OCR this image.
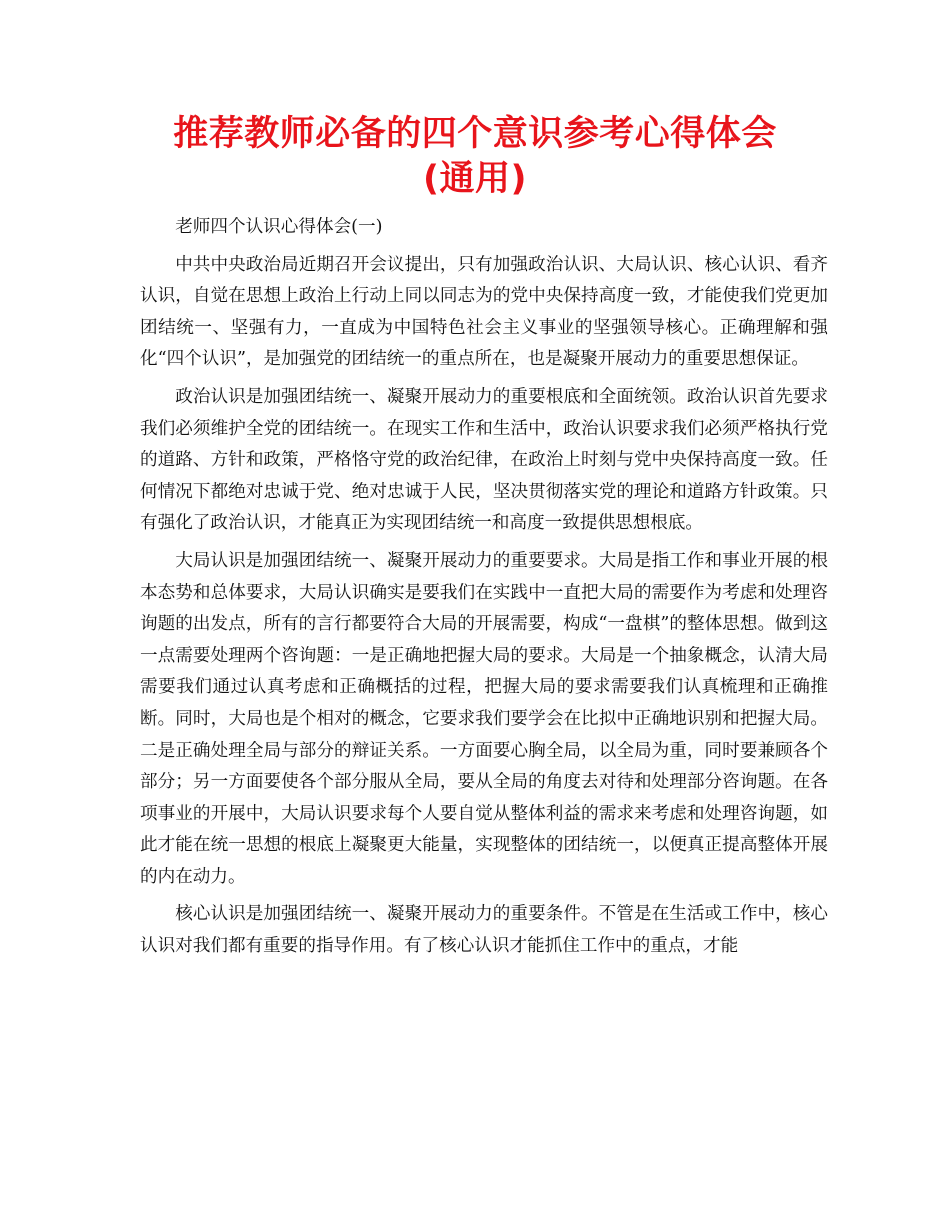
推荐教师必备的四个意识参考心得体会
(通用)

老师四个认识心得体会(一)

中共中央政治局近期召开会议提出，只有加强政治认识、大局认识、核心认识、看齐认识，自觉在思想上政治上行动上同以同志为的党中央保持高度一致，才能使我们党更加团结统一、坚强有力，一直成为中国特色社会主义事业的坚强领导核心。正确理解和强化“四个认识”，是加强党的团结统一的重点所在，也是凝聚开展动力的重要思想保证。

政治认识是加强团结统一、凝聚开展动力的重要根底和全面统领。政治认识首先要求我们必须维护全党的团结统一。在现实工作和生活中，政治认识要求我们必须严格执行党的道路、方针和政策，严格恪守党的政治纪律，在政治上时刻与党中央保持高度一致。任何情况下都绝对忠诚于党、绝对忠诚于人民，坚决贯彻落实党的理论和道路方针政策。只有强化了政治认识，才能真正为实现团结统一和高度一致提供思想根底。

大局认识是加强团结统一、凝聚开展动力的重要要求。大局是指工作和事业开展的根本态势和总体要求，大局认识确实是要我们在实践中一直把大局的需要作为考虑和处理咨询题的出发点，所有的言行都要符合大局的开展需要，构成“一盘棋”的整体思想。做到这一点需要处理两个咨询题：一是正确地把握大局的要求。大局是一个抽象概念，认清大局需要我们通过认真考虑和正确概括的过程，把握大局的要求需要我们认真梳理和正确推断。同时，大局也是个相对的概念，它要求我们要学会在比拟中正确地识别和把握大局。二是正确处理全局与部分的辩证关系。一方面要心胸全局，以全局为重，同时要兼顾各个部分；另一方面要使各个部分服从全局，要从全局的角度去对待和处理部分咨询题。在各项事业的开展中，大局认识要求每个人要自觉从整体利益的需求来考虑和处理咨询题，如此才能在统一思想的根底上凝聚更大能量，实现整体的团结统一，以便真正提高整体开展的内在动力。

核心认识是加强团结统一、凝聚开展动力的重要条件。不管是在生活或工作中，核心认识对我们都有重要的指导作用。有了核心认识才能抓住工作中的重点，才能
